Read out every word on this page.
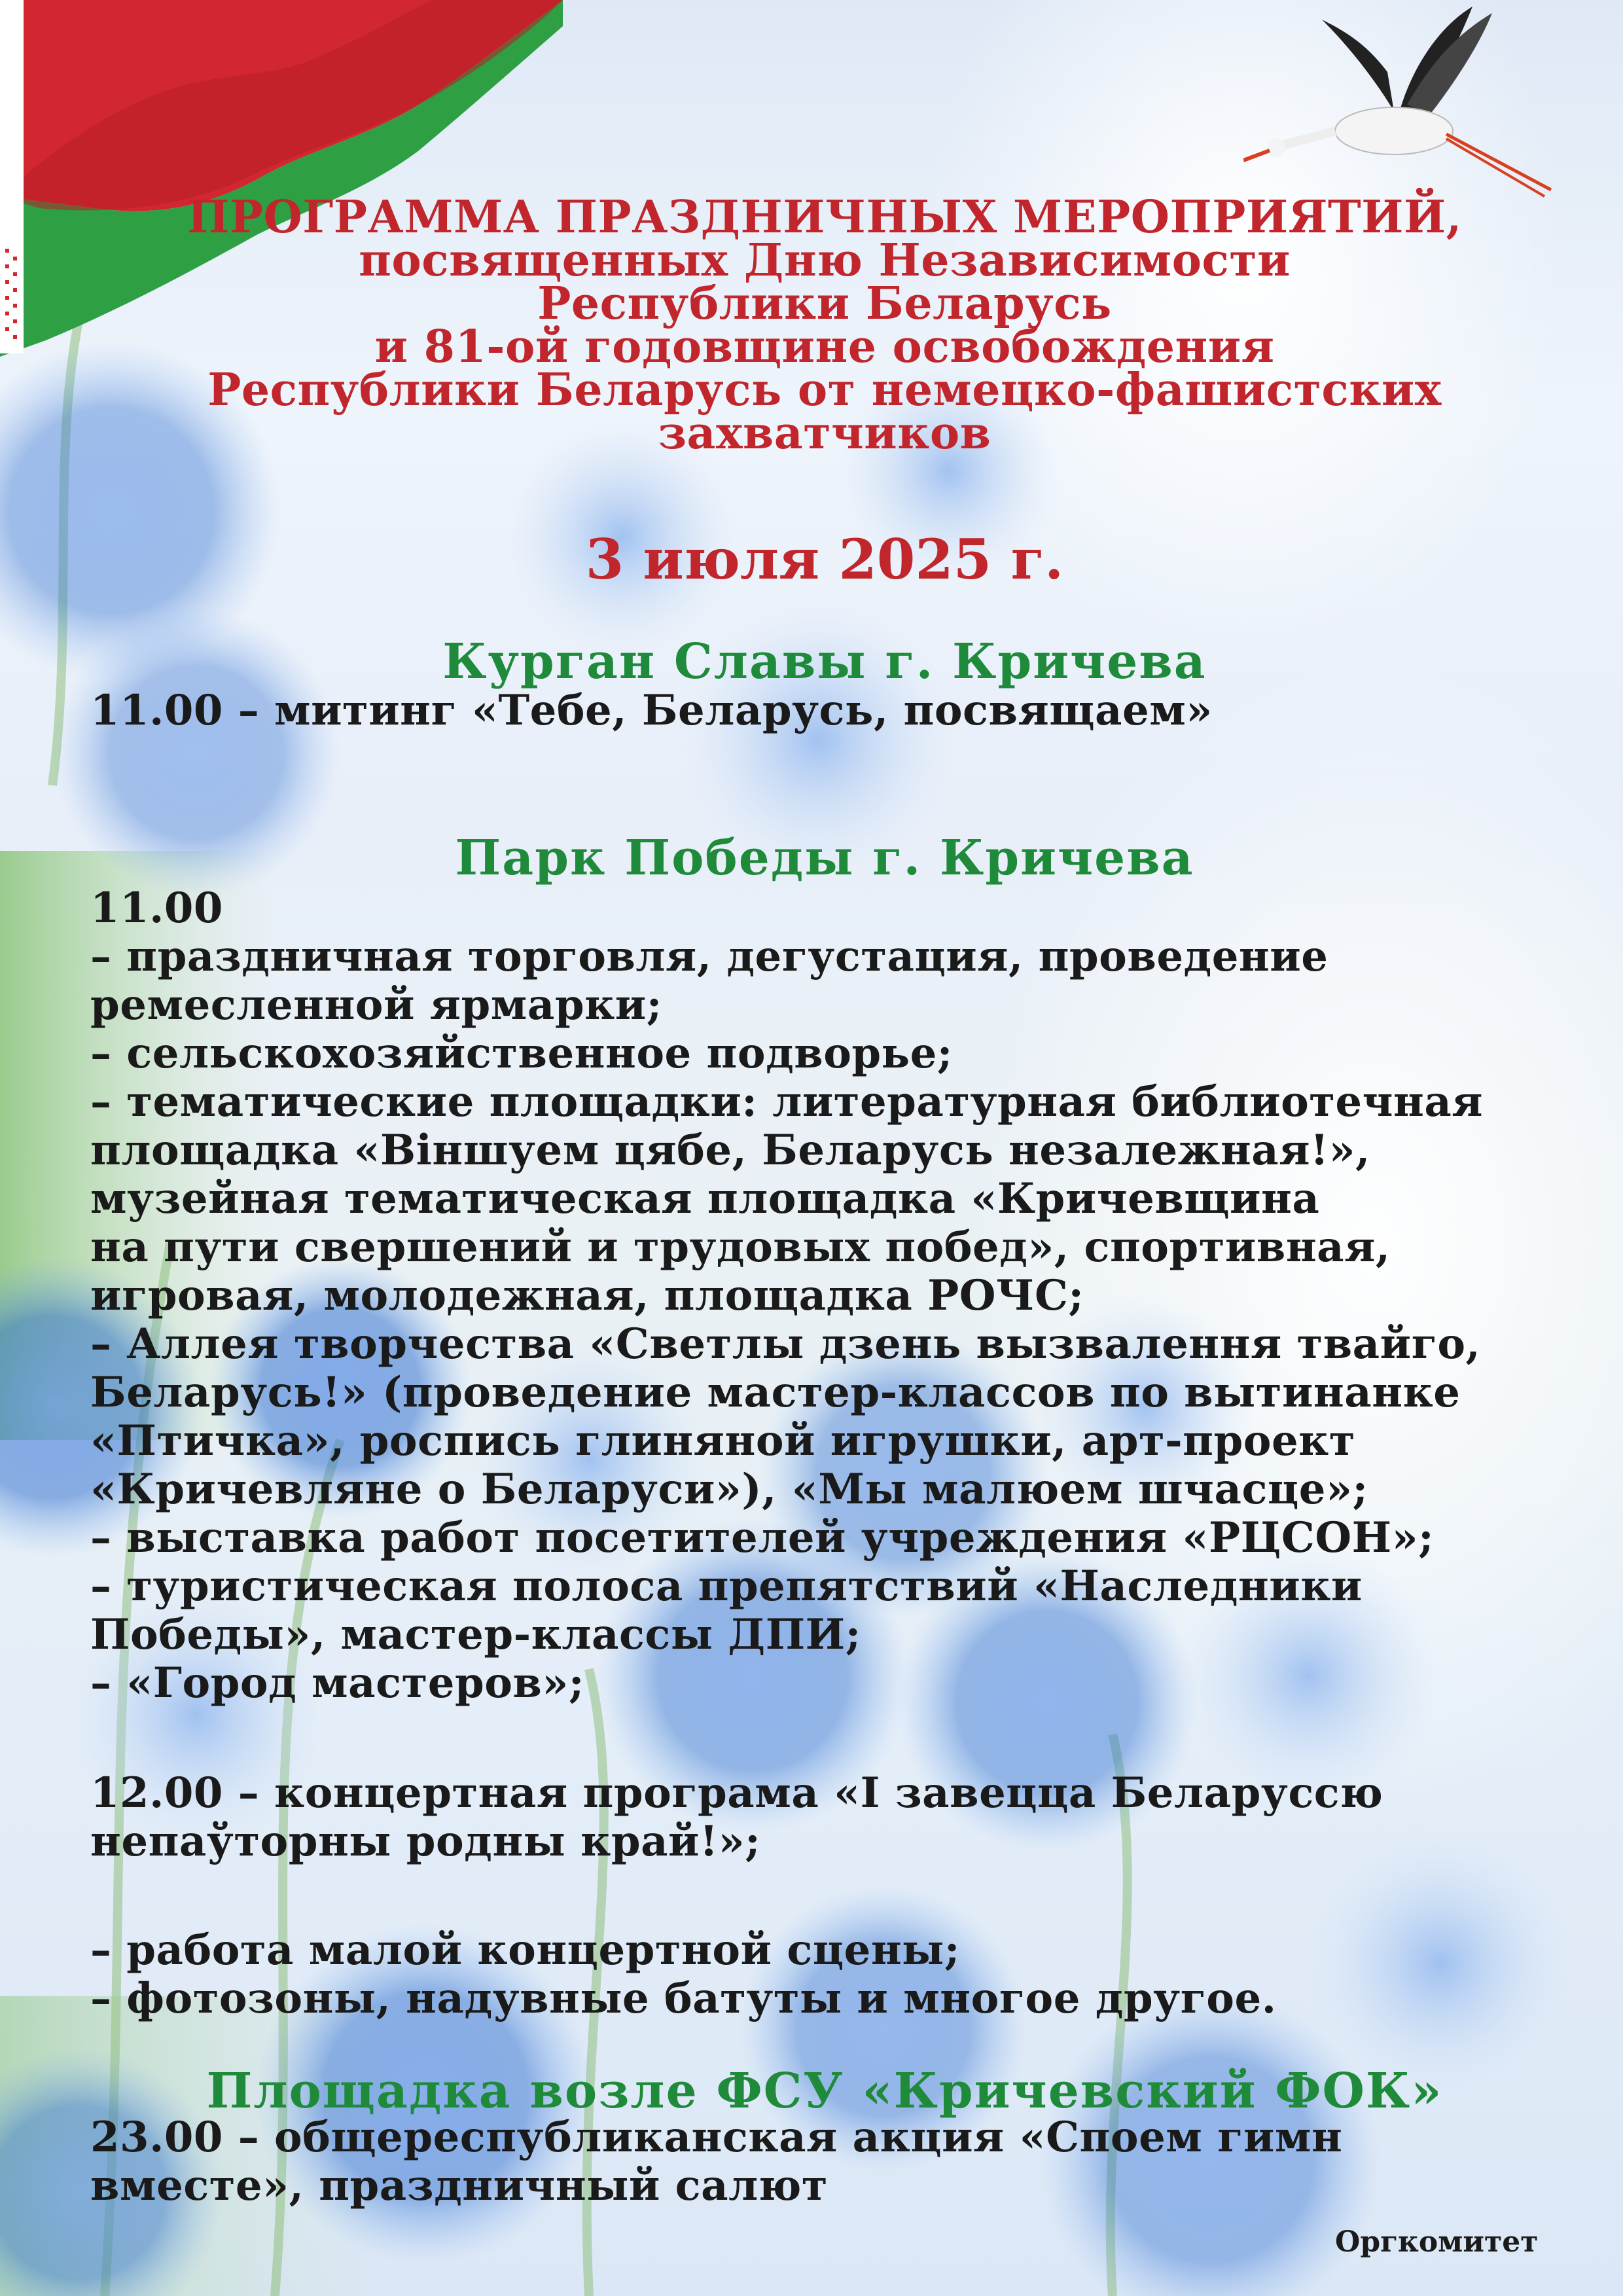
ПРОГРАММА ПРАЗДНИЧНЫХ МЕРОПРИЯТИЙ,
посвященных Дню Независимости
Республики Беларусь
и 81-ой годовщине освобождения
Республики Беларусь от немецко-фашистских
захватчиков
3 июля 2025 г.
Курган Славы г. Кричева
11.00 – митинг «Тебе, Беларусь, посвящаем»
Парк Победы г. Кричева
11.00
– праздничная торговля, дегустация, проведение
ремесленной ярмарки;
– сельскохозяйственное подворье;
– тематические площадки: литературная библиотечная
площадка «Віншуем цябе, Беларусь незалежная!»,
музейная тематическая площадка «Кричевщина
на пути свершений и трудовых побед», спортивная,
игровая, молодежная, площадка РОЧС;
– Аллея творчества «Светлы дзень вызвалення твайго,
Беларусь!» (проведение мастер-классов по вытинанке
«Птичка», роспись глиняной игрушки, арт-проект
«Кричевляне о Беларуси»), «Мы малюем шчасце»;
– выставка работ посетителей учреждения «РЦСОН»;
– туристическая полоса препятствий «Наследники
Победы», мастер-классы ДПИ;
– «Город мастеров»;
12.00 – концертная програма «І завецца Беларуссю
непаўторны родны край!»;
– работа малой концертной сцены;
– фотозоны, надувные батуты и многое другое.
Площадка возле ФСУ «Кричевский ФОК»
23.00 – общереспубликанская акция «Споем гимн
вместе», праздничный салют
Оргкомитет
